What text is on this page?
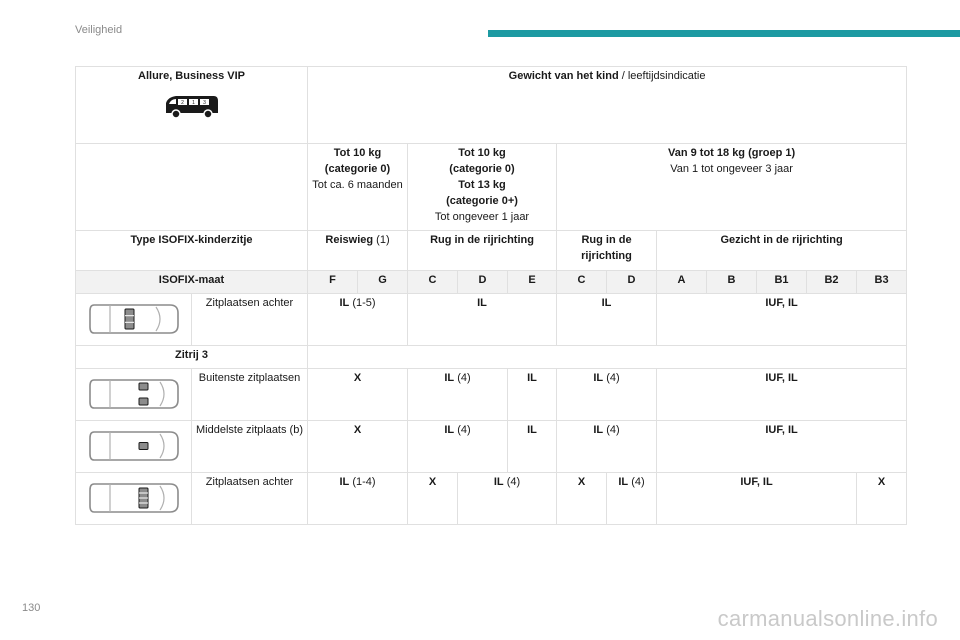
Veiligheid
Allure, Business VIP
2 1 3		Gewicht van het kind / leeftijdsindicatie											

		Tot 10 kg
(categorie 0)
Tot ca. 6 maanden		Tot 10 kg
(categorie 0)
Tot 13 kg
(categorie 0+)
Tot ongeveer 1 jaar			Van 9 tot 18 kg (groep 1)
Van 1 tot ongeveer 3 jaar						

Type ISOFIX-kinderzitje		Reiswieg (1)		Rug in de rijrichting			Rug in de rijrichting		Gezicht in de rijrichting				
ISOFIX-maat		F	G	C	D	E	C	D	A	B	B1	B2	B3

	Zitplaatsen achter	IL (1-5)		IL			IL		IUF, IL				
Zitrij 3													

	Buitenste zitplaatsen	X		IL (4)		IL	IL (4)		IUF, IL				

	Middelste zitplaats (b)	X		IL (4)		IL	IL (4)		IUF, IL				

	Zitplaatsen achter	IL (1-4)		X	IL (4)		X	IL (4)	IUF, IL				X
130	carmanualsonline.info
